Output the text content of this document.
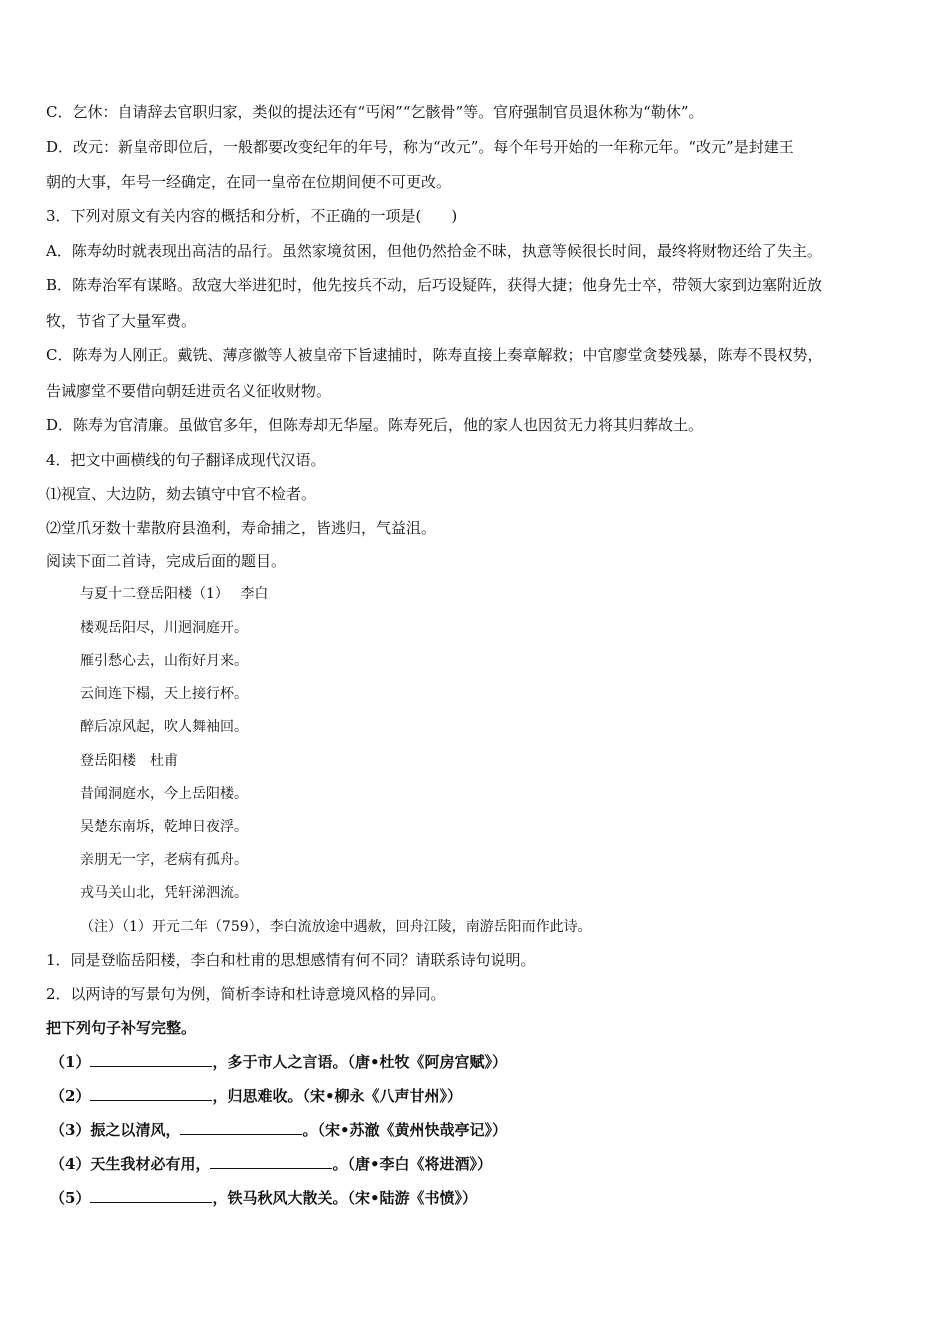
C．乞休：自请辞去官职归家，类似的提法还有“丐闲”“乞骸骨”等。官府强制官员退休称为“勒休”。
D．改元：新皇帝即位后，一般都要改变纪年的年号，称为“改元”。每个年号开始的一年称元年。“改元”是封建王
朝的大事，年号一经确定，在同一皇帝在位期间便不可更改。
3．下列对原文有关内容的概括和分析，不正确的一项是(　　)
A．陈寿幼时就表现出高洁的品行。虽然家境贫困，但他仍然拾金不昧，执意等候很长时间，最终将财物还给了失主。
B．陈寿治军有谋略。敌寇大举进犯时，他先按兵不动，后巧设疑阵，获得大捷；他身先士卒，带领大家到边塞附近放
牧，节省了大量军费。
C．陈寿为人刚正。戴铣、薄彦徽等人被皇帝下旨逮捕时，陈寿直接上奏章解救；中官廖堂贪婪残暴，陈寿不畏权势，
告诫廖堂不要借向朝廷进贡名义征收财物。
D．陈寿为官清廉。虽做官多年，但陈寿却无华屋。陈寿死后，他的家人也因贫无力将其归葬故土。
4．把文中画横线的句子翻译成现代汉语。
⑴视宣、大边防，劾去镇守中官不检者。
⑵堂爪牙数十辈散府县渔利，寿命捕之，皆逃归，气益沮。
阅读下面二首诗，完成后面的题目。
与夏十二登岳阳楼（1）　 李白
楼观岳阳尽，川迥洞庭开。
雁引愁心去，山衔好月来。
云间连下榻，天上接行杯。
醉后凉风起，吹人舞袖回。
登岳阳楼　杜甫
昔闻洞庭水，今上岳阳楼。
吴楚东南坼，乾坤日夜浮。
亲朋无一字，老病有孤舟。
戎马关山北，凭轩涕泗流。
（注）（1）开元二年（759），李白流放途中遇赦，回舟江陵，南游岳阳而作此诗。
1．同是登临岳阳楼，李白和杜甫的思想感情有何不同？请联系诗句说明。
2．以两诗的写景句为例，简析李诗和杜诗意境风格的异同。
把下列句子补写完整。
（1）	，多于市人之言语。（唐•杜牧《阿房宫赋》）
（2）	，归思难收。（宋•柳永《八声甘州》）
（3）振之以清风，	。（宋•苏澈《黄州快哉亭记》）
（4）天生我材必有用，	。（唐•李白《将进酒》）
（5）	，铁马秋风大散关。（宋•陆游《书愤》）
